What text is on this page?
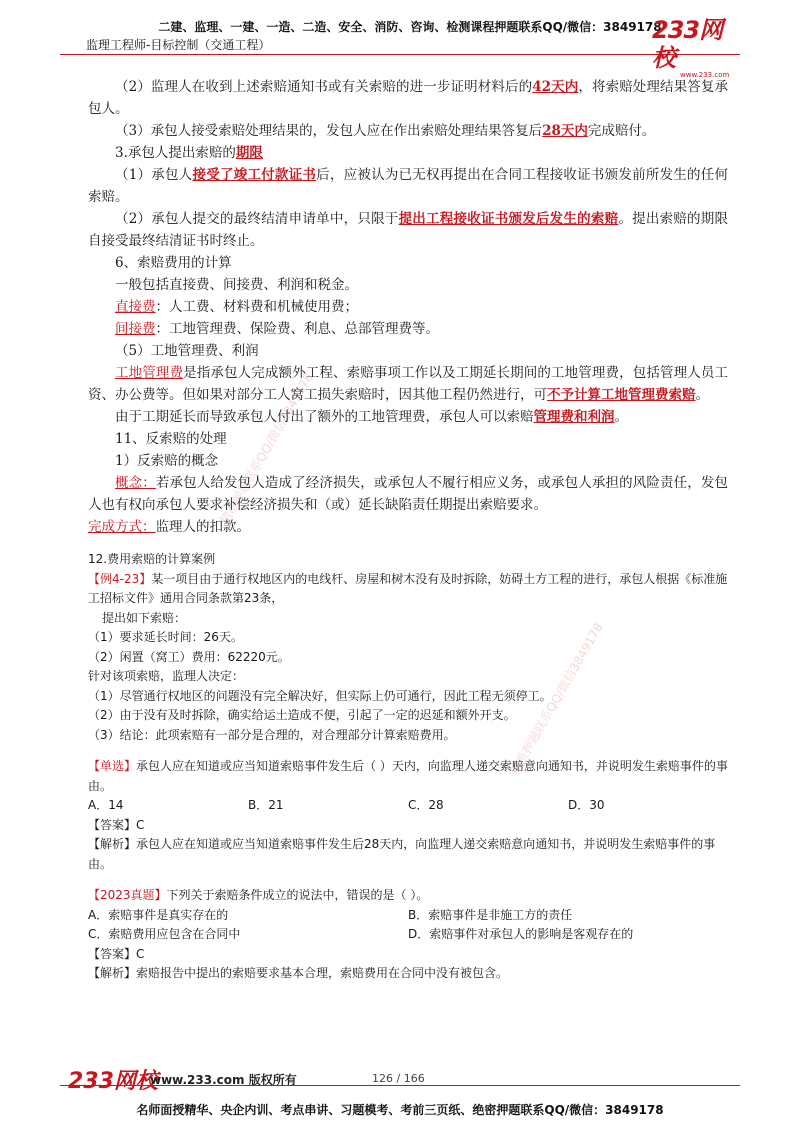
二建、监理、一建、一造、二造、安全、消防、咨询、检测课程押题联系QQ/微信：3849178
监理工程师-目标控制（交通工程）
233网校
www.233.com
精准押题联系QQ/微信3849178
精准押题联系QQ/微信3849178

（2）监理人在收到上述索赔通知书或有关索赔的进一步证明材料后的42天内，将索赔处理结果答复承包人。

（3）承包人接受索赔处理结果的，发包人应在作出索赔处理结果答复后28天内完成赔付。

3.承包人提出索赔的期限

（1）承包人接受了竣工付款证书后，应被认为已无权再提出在合同工程接收证书颁发前所发生的任何索赔。

（2）承包人提交的最终结清申请单中，只限于提出工程接收证书颁发后发生的索赔。提出索赔的期限自接受最终结清证书时终止。

6、索赔费用的计算

一般包括直接费、间接费、利润和税金。

直接费：人工费、材料费和机械使用费；

间接费：工地管理费、保险费、利息、总部管理费等。

（5）工地管理费、利润

工地管理费是指承包人完成额外工程、索赔事项工作以及工期延长期间的工地管理费，包括管理人员工资、办公费等。但如果对部分工人窝工损失索赔时，因其他工程仍然进行，可不予计算工地管理费索赔。

由于工期延长而导致承包人付出了额外的工地管理费，承包人可以索赔管理费和利润。

11、反索赔的处理

1）反索赔的概念

概念：若承包人给发包人造成了经济损失，或承包人不履行相应义务，或承包人承担的风险责任，发包人也有权向承包人要求补偿经济损失和（或）延长缺陷责任期提出索赔要求。

完成方式：监理人的扣款。

12.费用索赔的计算案例

【例4-23】某一项目由于通行权地区内的电线杆、房屋和树木没有及时拆除，妨碍土方工程的进行，承包人根据《标准施工招标文件》通用合同条款第23条，

提出如下索赔：

（1）要求延长时间：26天。

（2）闲置（窝工）费用：62220元。

针对该项索赔，监理人决定：

（1）尽管通行权地区的问题没有完全解决好，但实际上仍可通行，因此工程无须停工。

（2）由于没有及时拆除，确实给运土造成不便，引起了一定的迟延和额外开支。

（3）结论：此项索赔有一部分是合理的，对合理部分计算索赔费用。

【单选】承包人应在知道或应当知道索赔事件发生后（ ）天内，向监理人递交索赔意向通知书，并说明发生索赔事件的事由。

A．14	B．21	C．28	D．30

【答案】C

【解析】承包人应在知道或应当知道索赔事件发生后28天内，向监理人递交索赔意向通知书，并说明发生索赔事件的事由。

【2023真题】下列关于索赔条件成立的说法中，错误的是（ ）。

A．索赔事件是真实存在的	B．索赔事件是非施工方的责任
C．索赔费用应包含在合同中	D．索赔事件对承包人的影响是客观存在的

【答案】C

【解析】索赔报告中提出的索赔要求基本合理，索赔费用在合同中没有被包含。

233网校
www.233.com 版权所有	126 / 166
名师面授精华、央企内训、考点串讲、习题模考、考前三页纸、绝密押题联系QQ/微信：3849178
